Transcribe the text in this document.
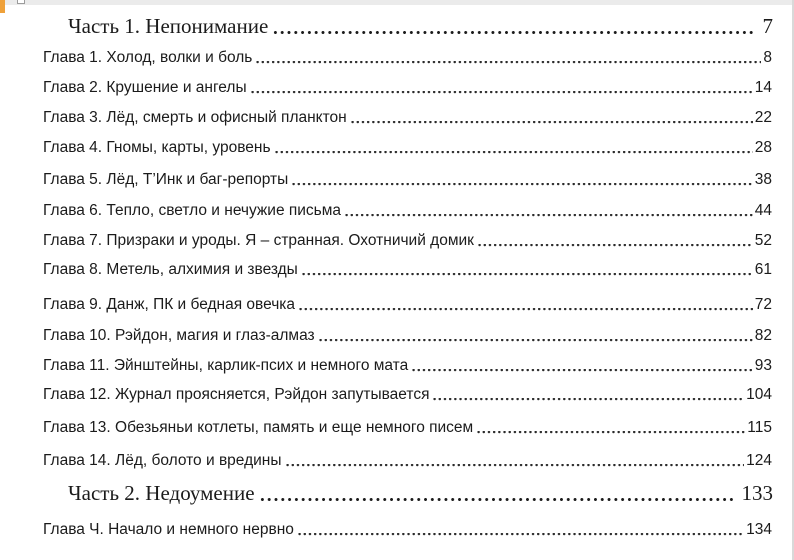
Часть 1. Непонимание	7
Глава 1. Холод, волки и боль	8
Глава 2. Крушение и ангелы	14
Глава 3. Лёд, смерть и офисный планктон	22
Глава 4. Гномы, карты, уровень	28
Глава 5. Лёд, Т’Инк и баг-репорты	38
Глава 6. Тепло, светло и нечужие письма	44
Глава 7. Призраки и уроды. Я – странная. Охотничий домик	52
Глава 8. Метель, алхимия и звезды	61
Глава 9. Данж, ПК и бедная овечка	72
Глава 10. Рэйдон, магия и глаз-алмаз	82
Глава 11. Эйнштейны, карлик-псих и немного мата	93
Глава 12. Журнал проясняется, Рэйдон запутывается	104
Глава 13. Обезьяньи котлеты, память и еще немного писем	115
Глава 14. Лёд, болото и вредины	124
Часть 2. Недоумение	133
Глава Ч. Начало и немного нервно	134
